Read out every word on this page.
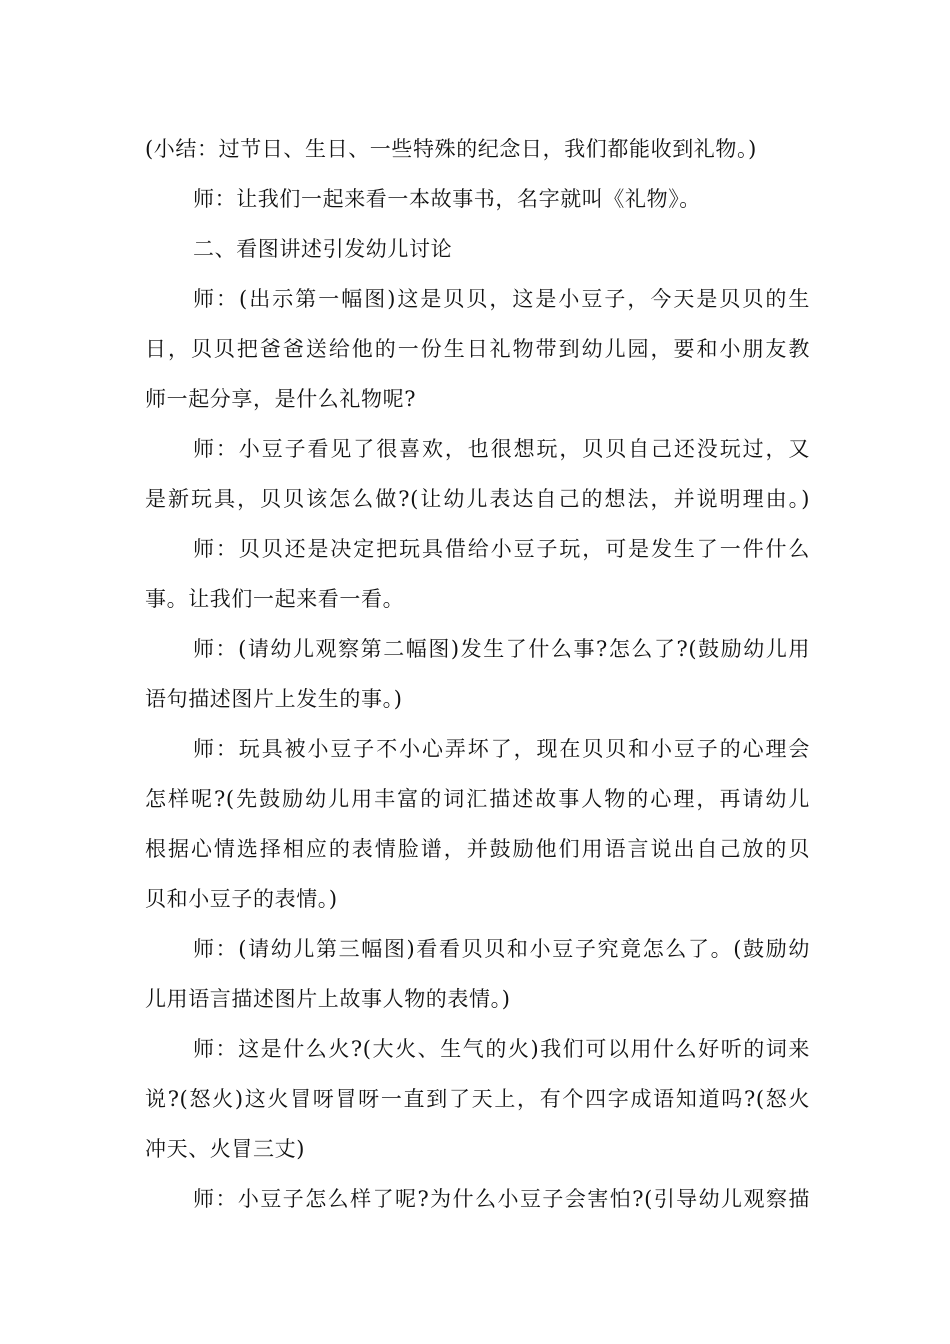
(小结：过节日、生日、一些特殊的纪念日，我们都能收到礼物。)
师：让我们一起来看一本故事书，名字就叫《礼物》。
二、看图讲述引发幼儿讨论
师：(出示第一幅图)这是贝贝，这是小豆子，今天是贝贝的生
日，贝贝把爸爸送给他的一份生日礼物带到幼儿园，要和小朋友教
师一起分享，是什么礼物呢?
师：小豆子看见了很喜欢，也很想玩，贝贝自己还没玩过，又
是新玩具，贝贝该怎么做?(让幼儿表达自己的想法，并说明理由。)
师：贝贝还是决定把玩具借给小豆子玩，可是发生了一件什么
事。让我们一起来看一看。
师：(请幼儿观察第二幅图)发生了什么事?怎么了?(鼓励幼儿用
语句描述图片上发生的事。)
师：玩具被小豆子不小心弄坏了，现在贝贝和小豆子的心理会
怎样呢?(先鼓励幼儿用丰富的词汇描述故事人物的心理，再请幼儿
根据心情选择相应的表情脸谱，并鼓励他们用语言说出自己放的贝
贝和小豆子的表情。)
师：(请幼儿第三幅图)看看贝贝和小豆子究竟怎么了。(鼓励幼
儿用语言描述图片上故事人物的表情。)
师：这是什么火?(大火、生气的火)我们可以用什么好听的词来
说?(怒火)这火冒呀冒呀一直到了天上，有个四字成语知道吗?(怒火
冲天、火冒三丈)
师：小豆子怎么样了呢?为什么小豆子会害怕?(引导幼儿观察描
